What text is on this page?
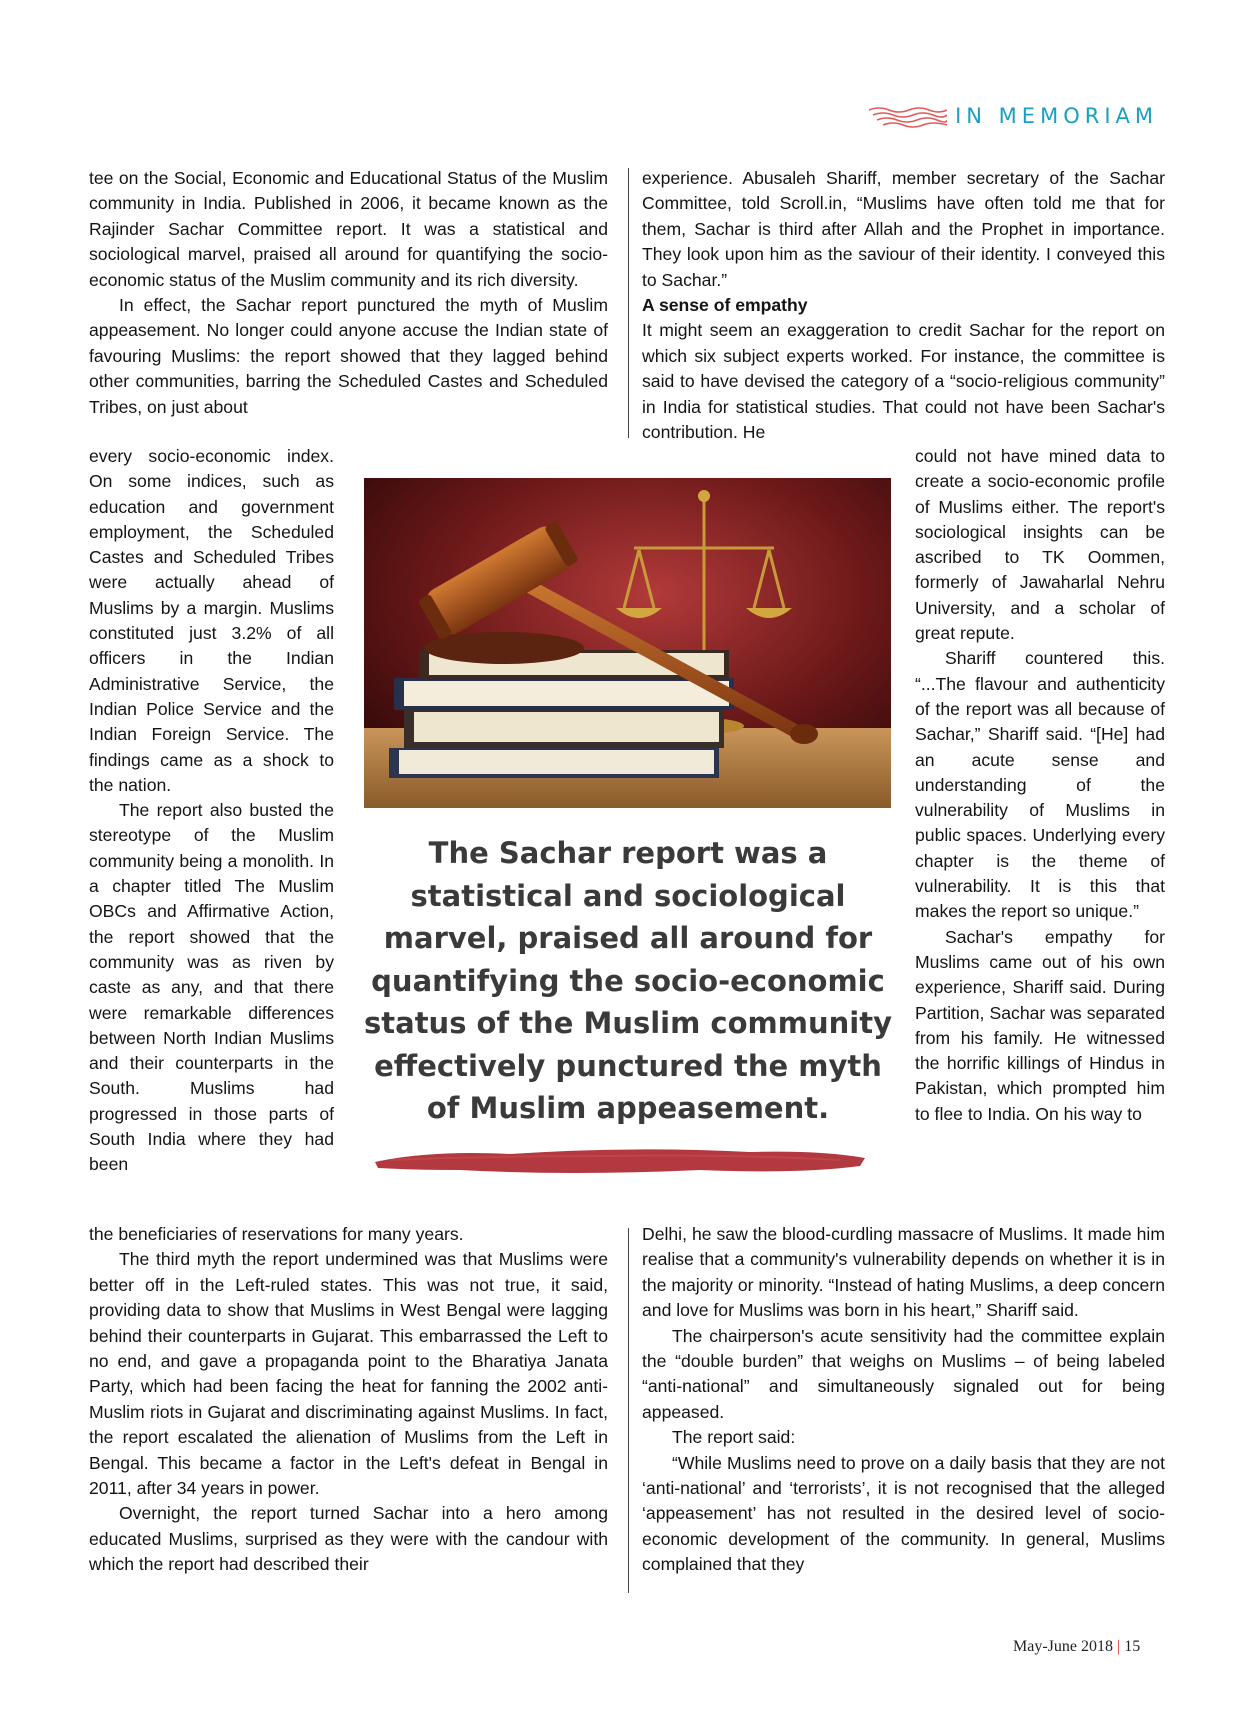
IN MEMORIAM

tee on the Social, Economic and Educational Status of the Muslim community in India. Published in 2006, it became known as the Rajinder Sachar Committee report. It was a statistical and sociological marvel, praised all around for quantifying the socio-economic status of the Muslim community and its rich diversity.

In effect, the Sachar report punctured the myth of Muslim appeasement. No longer could anyone accuse the Indian state of favouring Muslims: the report showed that they lagged behind other communities, barring the Scheduled Castes and Scheduled Tribes, on just about

every socio-economic index. On some indices, such as education and government employment, the Scheduled Castes and Scheduled Tribes were actually ahead of Muslims by a margin. Muslims constituted just 3.2% of all officers in the Indian Administrative Service, the Indian Police Service and the Indian Foreign Service. The findings came as a shock to the nation.

The report also busted the stereotype of the Muslim community being a monolith. In a chapter titled The Muslim OBCs and Affirmative Action, the report showed that the community was as riven by caste as any, and that there were remarkable differences between North Indian Muslims and their counterparts in the South. Muslims had progressed in those parts of South India where they had been

the beneficiaries of reservations for many years.

The third myth the report undermined was that Muslims were better off in the Left-ruled states. This was not true, it said, providing data to show that Muslims in West Bengal were lagging behind their counterparts in Gujarat. This embarrassed the Left to no end, and gave a propaganda point to the Bharatiya Janata Party, which had been facing the heat for fanning the 2002 anti-Muslim riots in Gujarat and discriminating against Muslims. In fact, the report escalated the alienation of Muslims from the Left in Bengal. This became a factor in the Left's defeat in Bengal in 2011, after 34 years in power.

Overnight, the report turned Sachar into a hero among educated Muslims, surprised as they were with the candour with which the report had described their

experience. Abusaleh Shariff, member secretary of the Sachar Committee, told Scroll.in, “Muslims have often told me that for them, Sachar is third after Allah and the Prophet in importance. They look upon him as the saviour of their identity. I conveyed this to Sachar.”

A sense of empathy

It might seem an exaggeration to credit Sachar for the report on which six subject experts worked. For instance, the committee is said to have devised the category of a “socio-religious community” in India for statistical studies. That could not have been Sachar's contribution. He

could not have mined data to create a socio-economic profile of Muslims either. The report's sociological insights can be ascribed to TK Oommen, formerly of Jawaharlal Nehru University, and a scholar of great repute.

Shariff countered this. “...The flavour and authenticity of the report was all because of Sachar,” Shariff said. “[He] had an acute sense and understanding of the vulnerability of Muslims in public spaces. Underlying every chapter is the theme of vulnerability. It is this that makes the report so unique.”

Sachar's empathy for Muslims came out of his own experience, Shariff said. During Partition, Sachar was separated from his family. He witnessed the horrific killings of Hindus in Pakistan, which prompted him to flee to India. On his way to

Delhi, he saw the blood-curdling massacre of Muslims. It made him realise that a community's vulnerability depends on whether it is in the majority or minority. “Instead of hating Muslims, a deep concern and love for Muslims was born in his heart,” Shariff said.

The chairperson's acute sensitivity had the committee explain the “double burden” that weighs on Muslims – of being labeled “anti-national” and simultaneously signaled out for being appeased.

The report said:

“While Muslims need to prove on a daily basis that they are not ‘anti-national’ and ‘terrorists’, it is not recognised that the alleged ‘appeasement’ has not resulted in the desired level of socio-economic development of the community. In general, Muslims complained that they

The Sachar report was a statistical and sociological marvel, praised all around for quantifying the socio-economic status of the Muslim community effectively punctured the myth of Muslim appeasement.
May-June 2018 | 15
